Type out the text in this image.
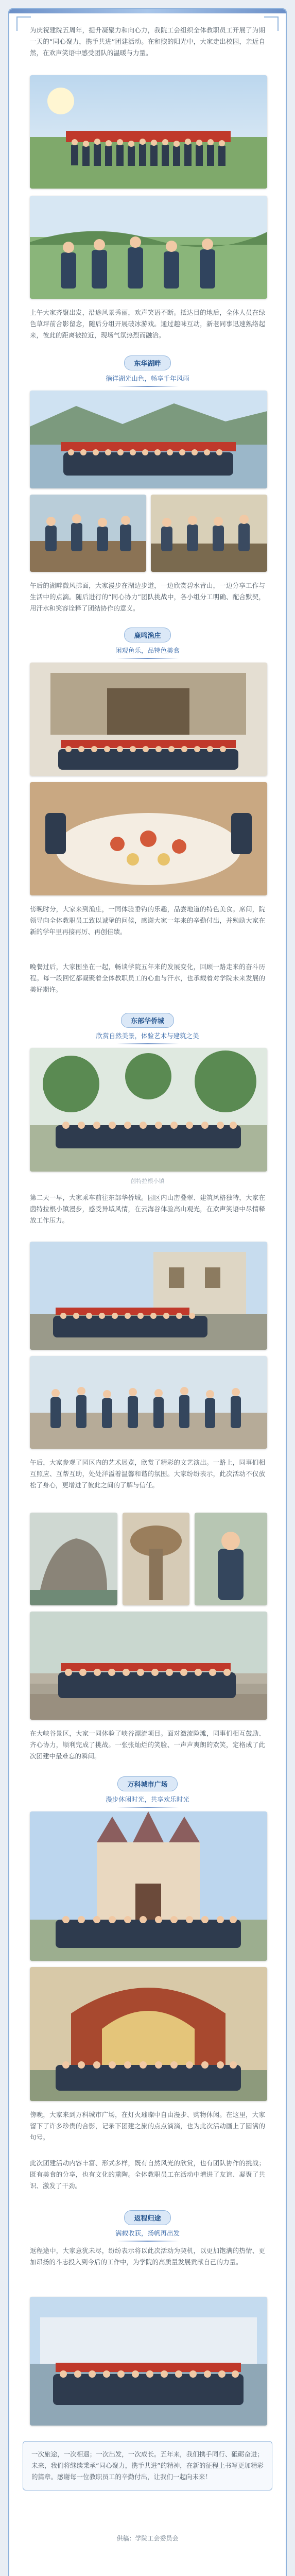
为庆祝建院五周年，提升凝聚力和向心力，我院工会组织全体教职员工开展了为期一天的“同心聚力，携手共进”团建活动。在和煦的阳光中，大家走出校园，亲近自然，在欢声笑语中感受团队的温暖与力量。

上午大家齐聚出发，沿途风景秀丽，欢声笑语不断。抵达目的地后，全体人员在绿色草坪前合影留念，随后分组开展破冰游戏。通过趣味互动，新老同事迅速熟络起来，彼此的距离被拉近，现场气氛热烈而融洽。

东华湖畔
徜徉湖光山色，畅享千年风雨

午后的湖畔微风拂面，大家漫步在湖边步道，一边欣赏碧水青山，一边分享工作与生活中的点滴。随后进行的“同心协力”团队挑战中，各小组分工明确、配合默契，用汗水和笑容诠释了团结协作的意义。

鹿鸣渔庄
闲观鱼乐，品特色美食

傍晚时分，大家来到渔庄，一同体验垂钓的乐趣，品尝地道的特色美食。席间，院领导向全体教职员工致以诚挚的问候，感谢大家一年来的辛勤付出，并勉励大家在新的学年里再接再厉、再创佳绩。

晚餐过后，大家围坐在一起，畅谈学院五年来的发展变化，回顾一路走来的奋斗历程。每一段回忆都凝聚着全体教职员工的心血与汗水，也承载着对学院未来发展的美好期许。

东部华侨城
欣赏自然美景，体验艺术与建筑之美
茵特拉根小镇

第二天一早，大家乘车前往东部华侨城。园区内山峦叠翠、建筑风格独特，大家在茵特拉根小镇漫步，感受异域风情，在云海谷体验高山观光，在欢声笑语中尽情释放工作压力。

午后，大家参观了园区内的艺术展览，欣赏了精彩的文艺演出。一路上，同事们相互照应、互帮互助，处处洋溢着温馨和谐的氛围。大家纷纷表示，此次活动不仅放松了身心，更增进了彼此之间的了解与信任。

在大峡谷景区，大家一同体验了峡谷漂流项目。面对激流险滩，同事们相互鼓励、齐心协力，顺利完成了挑战。一张张灿烂的笑脸、一声声爽朗的欢笑，定格成了此次团建中最难忘的瞬间。

万科城市广场
漫步休闲时光，共享欢乐时光

傍晚，大家来到万科城市广场，在灯火璀璨中自由漫步、购物休闲。在这里，大家留下了许多珍贵的合影，记录下团建之旅的点点滴滴，也为此次活动画上了圆满的句号。

此次团建活动内容丰富、形式多样，既有自然风光的欣赏，也有团队协作的挑战；既有美食的分享，也有文化的熏陶。全体教职员工在活动中增进了友谊、凝聚了共识、激发了干劲。

返程归途
满载收获，扬帆再出发

返程途中，大家意犹未尽，纷纷表示将以此次活动为契机，以更加饱满的热情、更加昂扬的斗志投入到今后的工作中，为学院的高质量发展贡献自己的力量。

一次旅途，一次相遇；一次出发，一次成长。五年来，我们携手同行、砥砺奋进；未来，我们将继续秉承“同心聚力，携手共进”的精神，在新的征程上书写更加精彩的篇章。感谢每一位教职员工的辛勤付出，让我们一起向未来！

供稿：学院工会委员会
